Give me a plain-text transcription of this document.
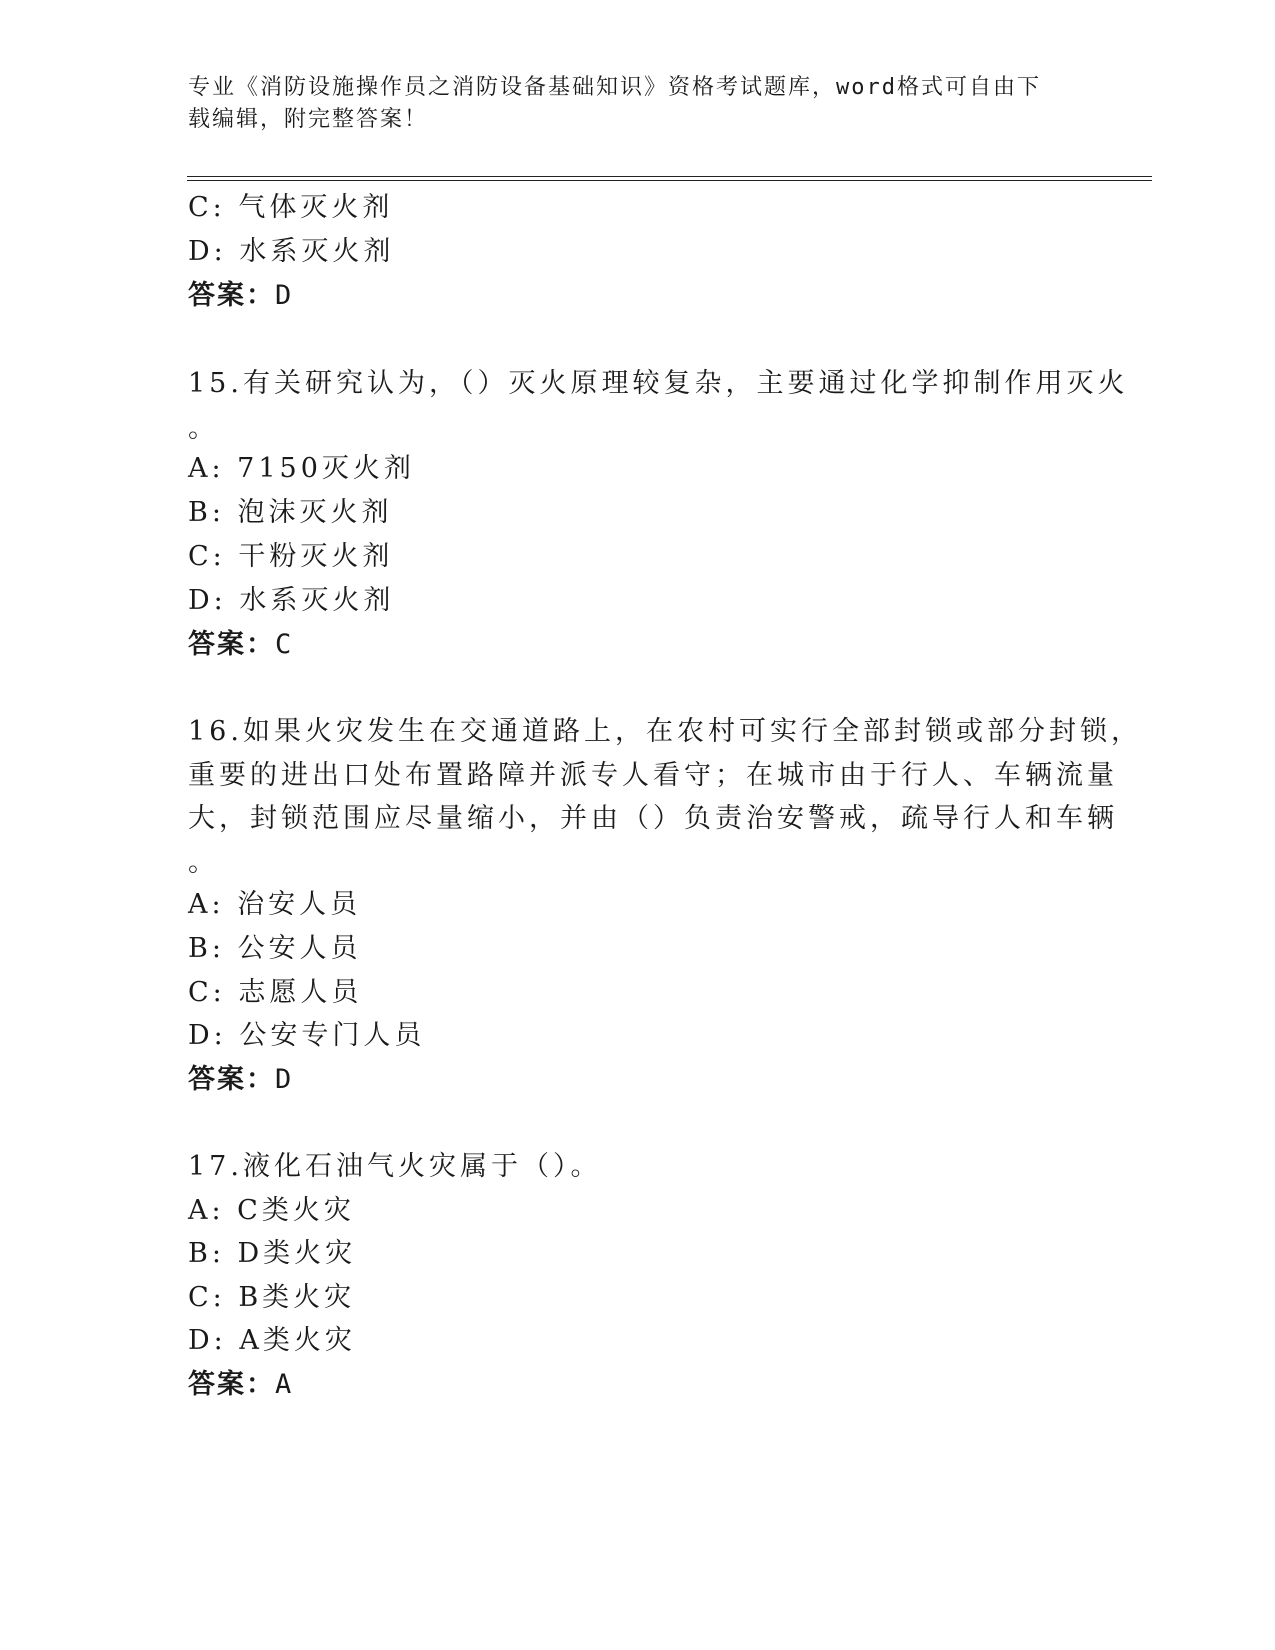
专业《消防设施操作员之消防设备基础知识》资格考试题库，word格式可自由下
载编辑，附完整答案！
C: 气体灭火剂
D: 水系灭火剂
答案：D
15.有关研究认为，（）灭火原理较复杂，主要通过化学抑制作用灭火
。
A: 7150灭火剂
B: 泡沫灭火剂
C: 干粉灭火剂
D: 水系灭火剂
答案：C
16.如果火灾发生在交通道路上，在农村可实行全部封锁或部分封锁，
重要的进出口处布置路障并派专人看守；在城市由于行人、车辆流量
大，封锁范围应尽量缩小，并由（）负责治安警戒，疏导行人和车辆
。
A: 治安人员
B: 公安人员
C: 志愿人员
D: 公安专门人员
答案：D
17.液化石油气火灾属于（）。
A: C类火灾
B: D类火灾
C: B类火灾
D: A类火灾
答案：A
